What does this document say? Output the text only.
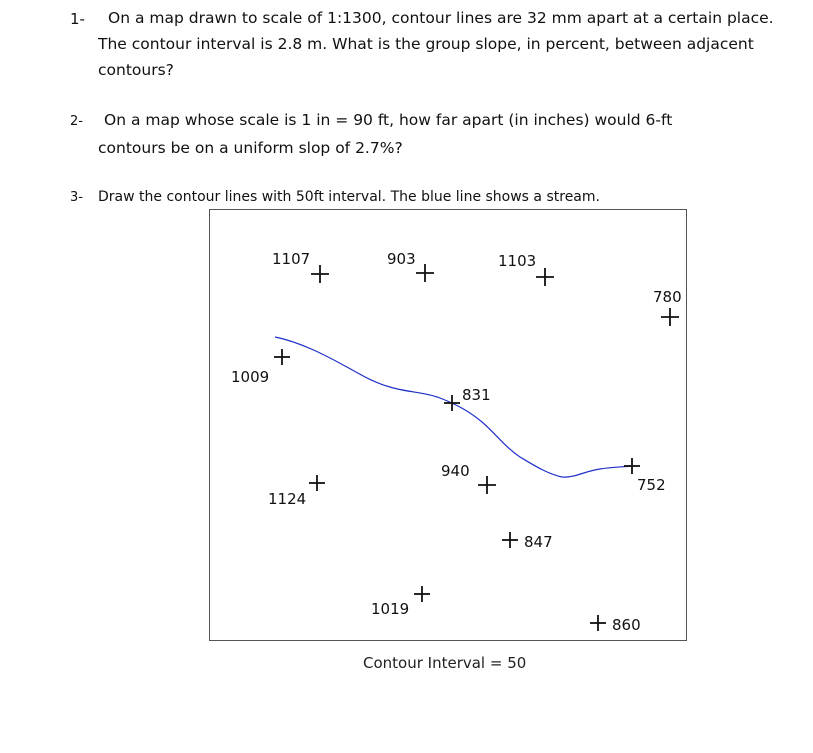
1- On a map drawn to scale of 1:1300, contour lines are 32 mm apart at a certain place.
The contour interval is 2.8 m. What is the group slope, in percent, between adjacent
contours?
2- On a map whose scale is 1 in = 90 ft, how far apart (in inches) would 6-ft
contours be on a uniform slop of 2.7%?
3- Draw the contour lines with 50ft interval. The blue line shows a stream.
1107	903	1103
780
1009
831
940
752
1124
847
1019
860
Contour Interval = 50
